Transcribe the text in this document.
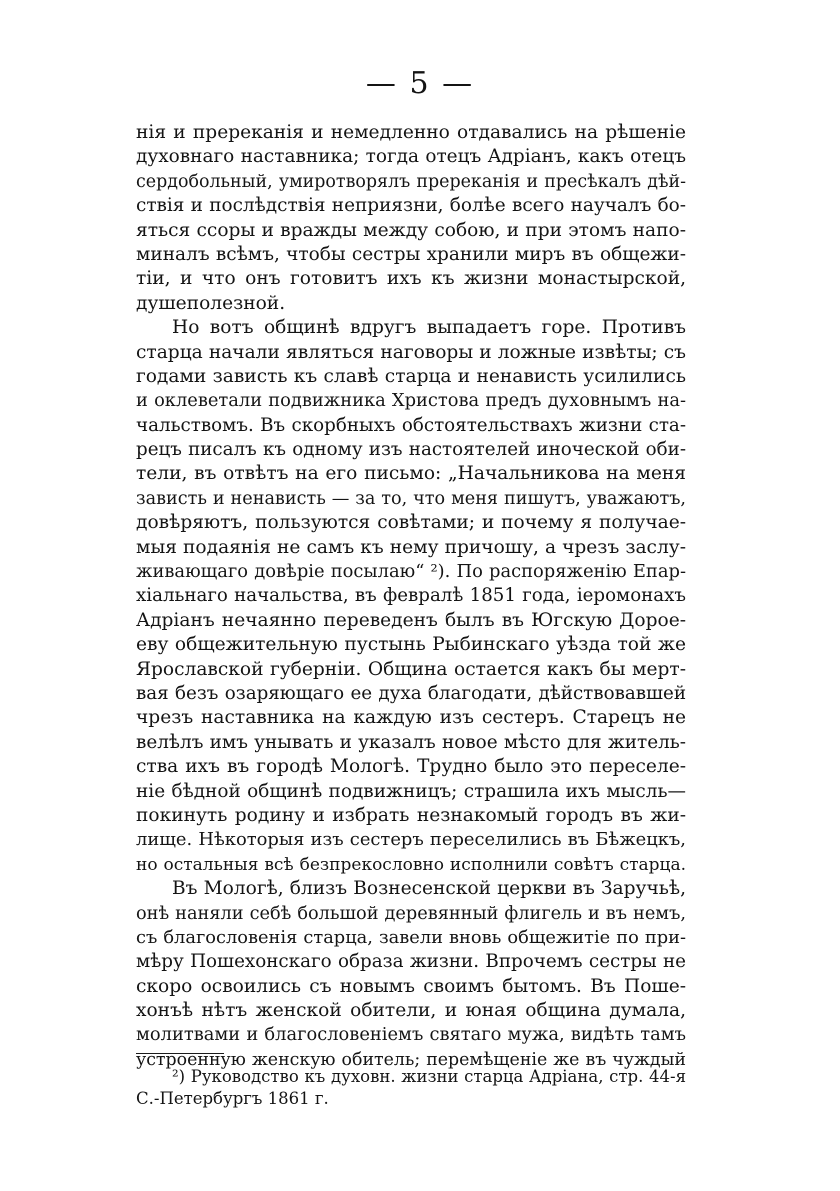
— 5 —
нія и пререканія и немедленно отдавались на рѣшеніе
духовнаго наставника; тогда отецъ Адріанъ, какъ отецъ
сердобольный, умиротворялъ пререканія и пресѣкалъ дѣй-
ствія и послѣдствія неприязни, болѣе всего научалъ бо-
яться ссоры и вражды между собою, и при этомъ напо-
миналъ всѣмъ, чтобы сестры хранили миръ въ общежи-
тіи, и что онъ готовитъ ихъ къ жизни монастырской,
душеполезной.
Но вотъ общинѣ вдругъ выпадаетъ горе. Противъ
старца начали являться наговоры и ложные извѣты; съ
годами зависть къ славѣ старца и ненависть усилились
и оклеветали подвижника Христова предъ духовнымъ на-
чальствомъ. Въ скорбныхъ обстоятельствахъ жизни ста-
рецъ писалъ къ одному изъ настоятелей иноческой оби-
тели, въ отвѣтъ на его письмо: „Начальникова на меня
зависть и ненависть — за то, что меня пишутъ, уважаютъ,
довѣряютъ, пользуются совѣтами; и почему я получае-
мыя подаянія не самъ къ нему причошу, а чрезъ заслу-
живающаго довѣріе посылаю“ ²). По распоряженію Епар-
хіальнаго начальства, въ февралѣ 1851 года, іеромонахъ
Адріанъ нечаянно переведенъ былъ въ Югскую Дорое-
еву общежительную пустынь Рыбинскаго уѣзда той же
Ярославской губерніи. Община остается какъ бы мерт-
вая безъ озаряющаго ее духа благодати, дѣйствовавшей
чрезъ наставника на каждую изъ сестеръ. Старецъ не
велѣлъ имъ унывать и указалъ новое мѣсто для житель-
ства ихъ въ городѣ Мологѣ. Трудно было это переселе-
ніе бѣдной общинѣ подвижницъ; страшила ихъ мысль—
покинуть родину и избрать незнакомый городъ въ жи-
лище. Нѣкоторыя изъ сестеръ переселились въ Бѣжецкъ,
но остальныя всѣ безпрекословно исполнили совѣтъ старца.
Въ Мологѣ, близъ Вознесенской церкви въ Заручьѣ,
онѣ наняли себѣ большой деревянный флигель и въ немъ,
съ благословенія старца, завели вновь общежитіе по при-
мѣру Пошехонскаго образа жизни. Впрочемъ сестры не
скоро освоились съ новымъ своимъ бытомъ. Въ Поше-
хонъѣ нѣтъ женской обители, и юная община думала,
молитвами и благословеніемъ святаго мужа, видѣть тамъ
устроенную женскую обитель; перемѣщеніе же въ чуждый
²) Руководство къ духовн. жизни старца Адріана, стр. 44-я
С.-Петербургъ 1861 г.
